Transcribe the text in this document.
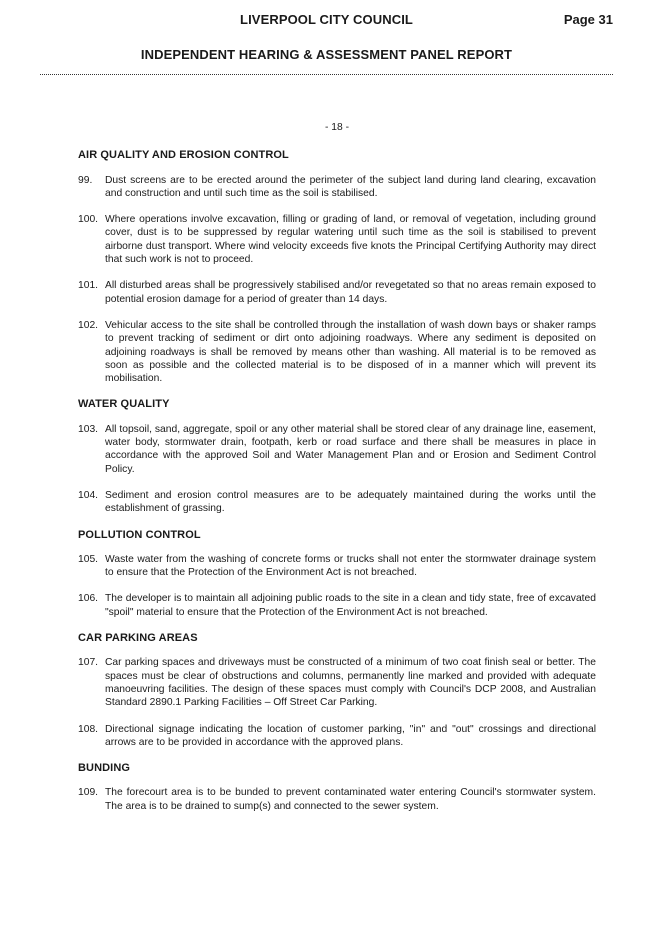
LIVERPOOL CITY COUNCIL	Page 31
INDEPENDENT HEARING & ASSESSMENT PANEL REPORT
- 18 -
AIR QUALITY AND EROSION CONTROL
99.	Dust screens are to be erected around the perimeter of the subject land during land clearing, excavation and construction and until such time as the soil is stabilised.
100. Where operations involve excavation, filling or grading of land, or removal of vegetation, including ground cover, dust is to be suppressed by regular watering until such time as the soil is stabilised to prevent airborne dust transport. Where wind velocity exceeds five knots the Principal Certifying Authority may direct that such work is not to proceed.
101. All disturbed areas shall be progressively stabilised and/or revegetated so that no areas remain exposed to potential erosion damage for a period of greater than 14 days.
102. Vehicular access to the site shall be controlled through the installation of wash down bays or shaker ramps to prevent tracking of sediment or dirt onto adjoining roadways. Where any sediment is deposited on adjoining roadways is shall be removed by means other than washing. All material is to be removed as soon as possible and the collected material is to be disposed of in a manner which will prevent its mobilisation.
WATER QUALITY
103. All topsoil, sand, aggregate, spoil or any other material shall be stored clear of any drainage line, easement, water body, stormwater drain, footpath, kerb or road surface and there shall be measures in place in accordance with the approved Soil and Water Management Plan and or Erosion and Sediment Control Policy.
104. Sediment and erosion control measures are to be adequately maintained during the works until the establishment of grassing.
POLLUTION CONTROL
105. Waste water from the washing of concrete forms or trucks shall not enter the stormwater drainage system to ensure that the Protection of the Environment Act is not breached.
106. The developer is to maintain all adjoining public roads to the site in a clean and tidy state, free of excavated "spoil" material to ensure that the Protection of the Environment Act is not breached.
CAR PARKING AREAS
107. Car parking spaces and driveways must be constructed of a minimum of two coat finish seal or better. The spaces must be clear of obstructions and columns, permanently line marked and provided with adequate manoeuvring facilities. The design of these spaces must comply with Council's DCP 2008, and Australian Standard 2890.1 Parking Facilities – Off Street Car Parking.
108. Directional signage indicating the location of customer parking, "in" and "out" crossings and directional arrows are to be provided in accordance with the approved plans.
BUNDING
109. The forecourt area is to be bunded to prevent contaminated water entering Council's stormwater system. The area is to be drained to sump(s) and connected to the sewer system.
